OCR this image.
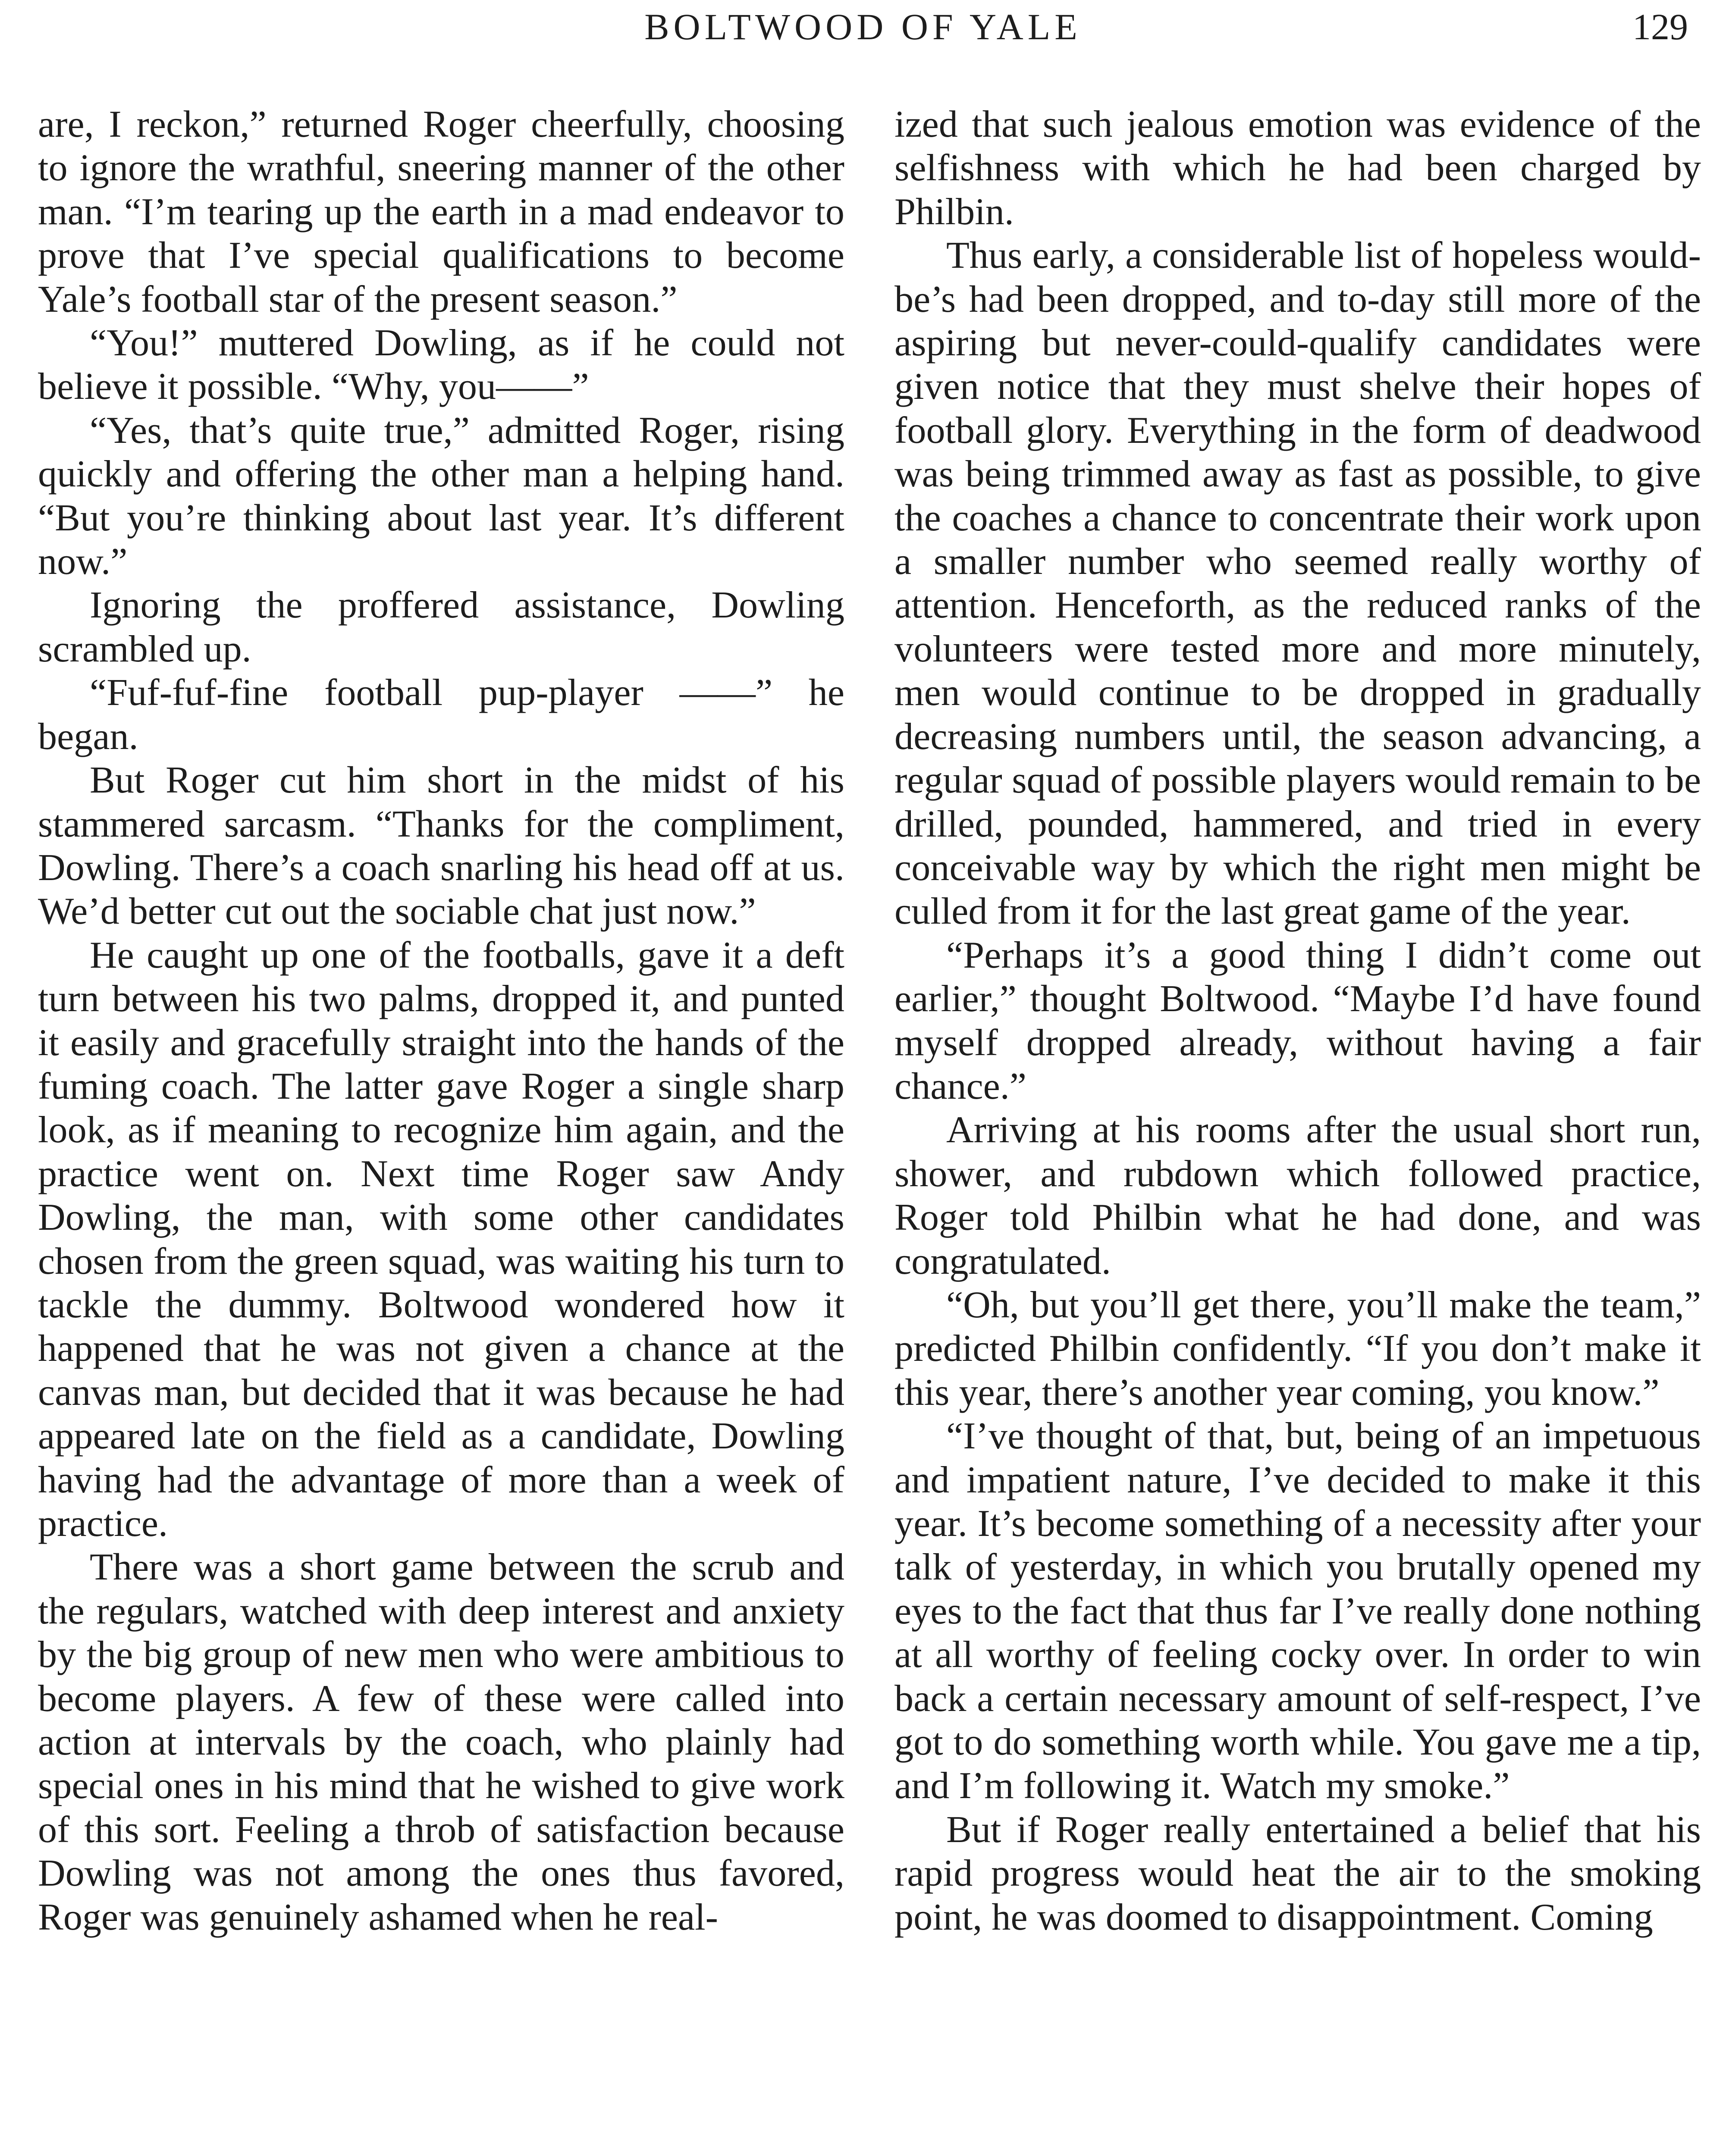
BOLTWOOD OF YALE	129

are, I reckon,” returned Roger cheerfully, choosing to ignore the wrathful, sneering manner of the other man. “I’m tearing up the earth in a mad endeavor to prove that I’ve special qualifications to become Yale’s football star of the present season.”

“You!” muttered Dowling, as if he could not believe it possible. “Why, you——”

“Yes, that’s quite true,” admitted Roger, rising quickly and offering the other man a helping hand. “But you’re thinking about last year. It’s different now.”

Ignoring the proffered assistance, Dowling scrambled up.

“Fuf-fuf-fine football pup-player ——” he began.

But Roger cut him short in the midst of his stammered sarcasm. “Thanks for the compliment, Dowling. There’s a coach snarling his head off at us. We’d better cut out the sociable chat just now.”

He caught up one of the footballs, gave it a deft turn between his two palms, dropped it, and punted it easily and gracefully straight into the hands of the fuming coach. The latter gave Roger a single sharp look, as if meaning to recognize him again, and the practice went on. Next time Roger saw Andy Dowling, the man, with some other candidates chosen from the green squad, was waiting his turn to tackle the dummy. Boltwood wondered how it happened that he was not given a chance at the canvas man, but decided that it was because he had appeared late on the field as a candidate, Dowling having had the advantage of more than a week of practice.

There was a short game between the scrub and the regulars, watched with deep interest and anxiety by the big group of new men who were ambitious to become players. A few of these were called into action at intervals by the coach, who plainly had special ones in his mind that he wished to give work of this sort. Feeling a throb of satisfaction because Dowling was not among the ones thus favored, Roger was genuinely ashamed when he real-

ized that such jealous emotion was evidence of the selfishness with which he had been charged by Philbin.

Thus early, a considerable list of hopeless would-be’s had been dropped, and to-day still more of the aspiring but never-could-qualify candidates were given notice that they must shelve their hopes of football glory. Everything in the form of deadwood was being trimmed away as fast as possible, to give the coaches a chance to concentrate their work upon a smaller number who seemed really worthy of attention. Henceforth, as the reduced ranks of the volunteers were tested more and more minutely, men would continue to be dropped in gradually decreasing numbers until, the season advancing, a regular squad of possible players would remain to be drilled, pounded, hammered, and tried in every conceivable way by which the right men might be culled from it for the last great game of the year.

“Perhaps it’s a good thing I didn’t come out earlier,” thought Boltwood. “Maybe I’d have found myself dropped already, without having a fair chance.”

Arriving at his rooms after the usual short run, shower, and rubdown which followed practice, Roger told Philbin what he had done, and was congratulated.

“Oh, but you’ll get there, you’ll make the team,” predicted Philbin confidently. “If you don’t make it this year, there’s another year coming, you know.”

“I’ve thought of that, but, being of an impetuous and impatient nature, I’ve decided to make it this year. It’s become something of a necessity after your talk of yesterday, in which you brutally opened my eyes to the fact that thus far I’ve really done nothing at all worthy of feeling cocky over. In order to win back a certain necessary amount of self-respect, I’ve got to do something worth while. You gave me a tip, and I’m following it. Watch my smoke.”

But if Roger really entertained a belief that his rapid progress would heat the air to the smoking point, he was doomed to disappointment. Coming
